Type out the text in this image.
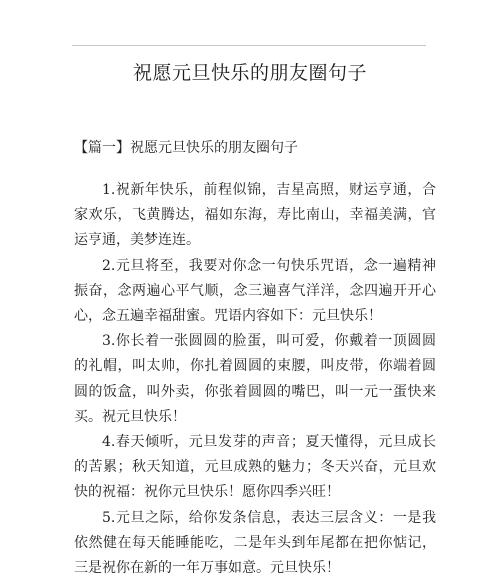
祝愿元旦快乐的朋友圈句子
【篇一】祝愿元旦快乐的朋友圈句子

1.祝新年快乐，前程似锦，吉星高照，财运亨通，合家欢乐，飞黄腾达，福如东海，寿比南山，幸福美满，官运亨通，美梦连连。

2.元旦将至，我要对你念一句快乐咒语，念一遍精神振奋，念两遍心平气顺，念三遍喜气洋洋，念四遍开开心心，念五遍幸福甜蜜。咒语内容如下：元旦快乐！

3.你长着一张圆圆的脸蛋，叫可爱，你戴着一顶圆圆的礼帽，叫太帅，你扎着圆圆的束腰，叫皮带，你端着圆圆的饭盒，叫外卖，你张着圆圆的嘴巴，叫一元一蛋快来买。祝元旦快乐！

4.春天倾听，元旦发芽的声音；夏天懂得，元旦成长的苦累；秋天知道，元旦成熟的魅力；冬天兴奋，元旦欢快的祝福：祝你元旦快乐！愿你四季兴旺！

5.元旦之际，给你发条信息，表达三层含义：一是我依然健在每天能睡能吃，二是年头到年尾都在把你惦记，三是祝你在新的一年万事如意。元旦快乐！
